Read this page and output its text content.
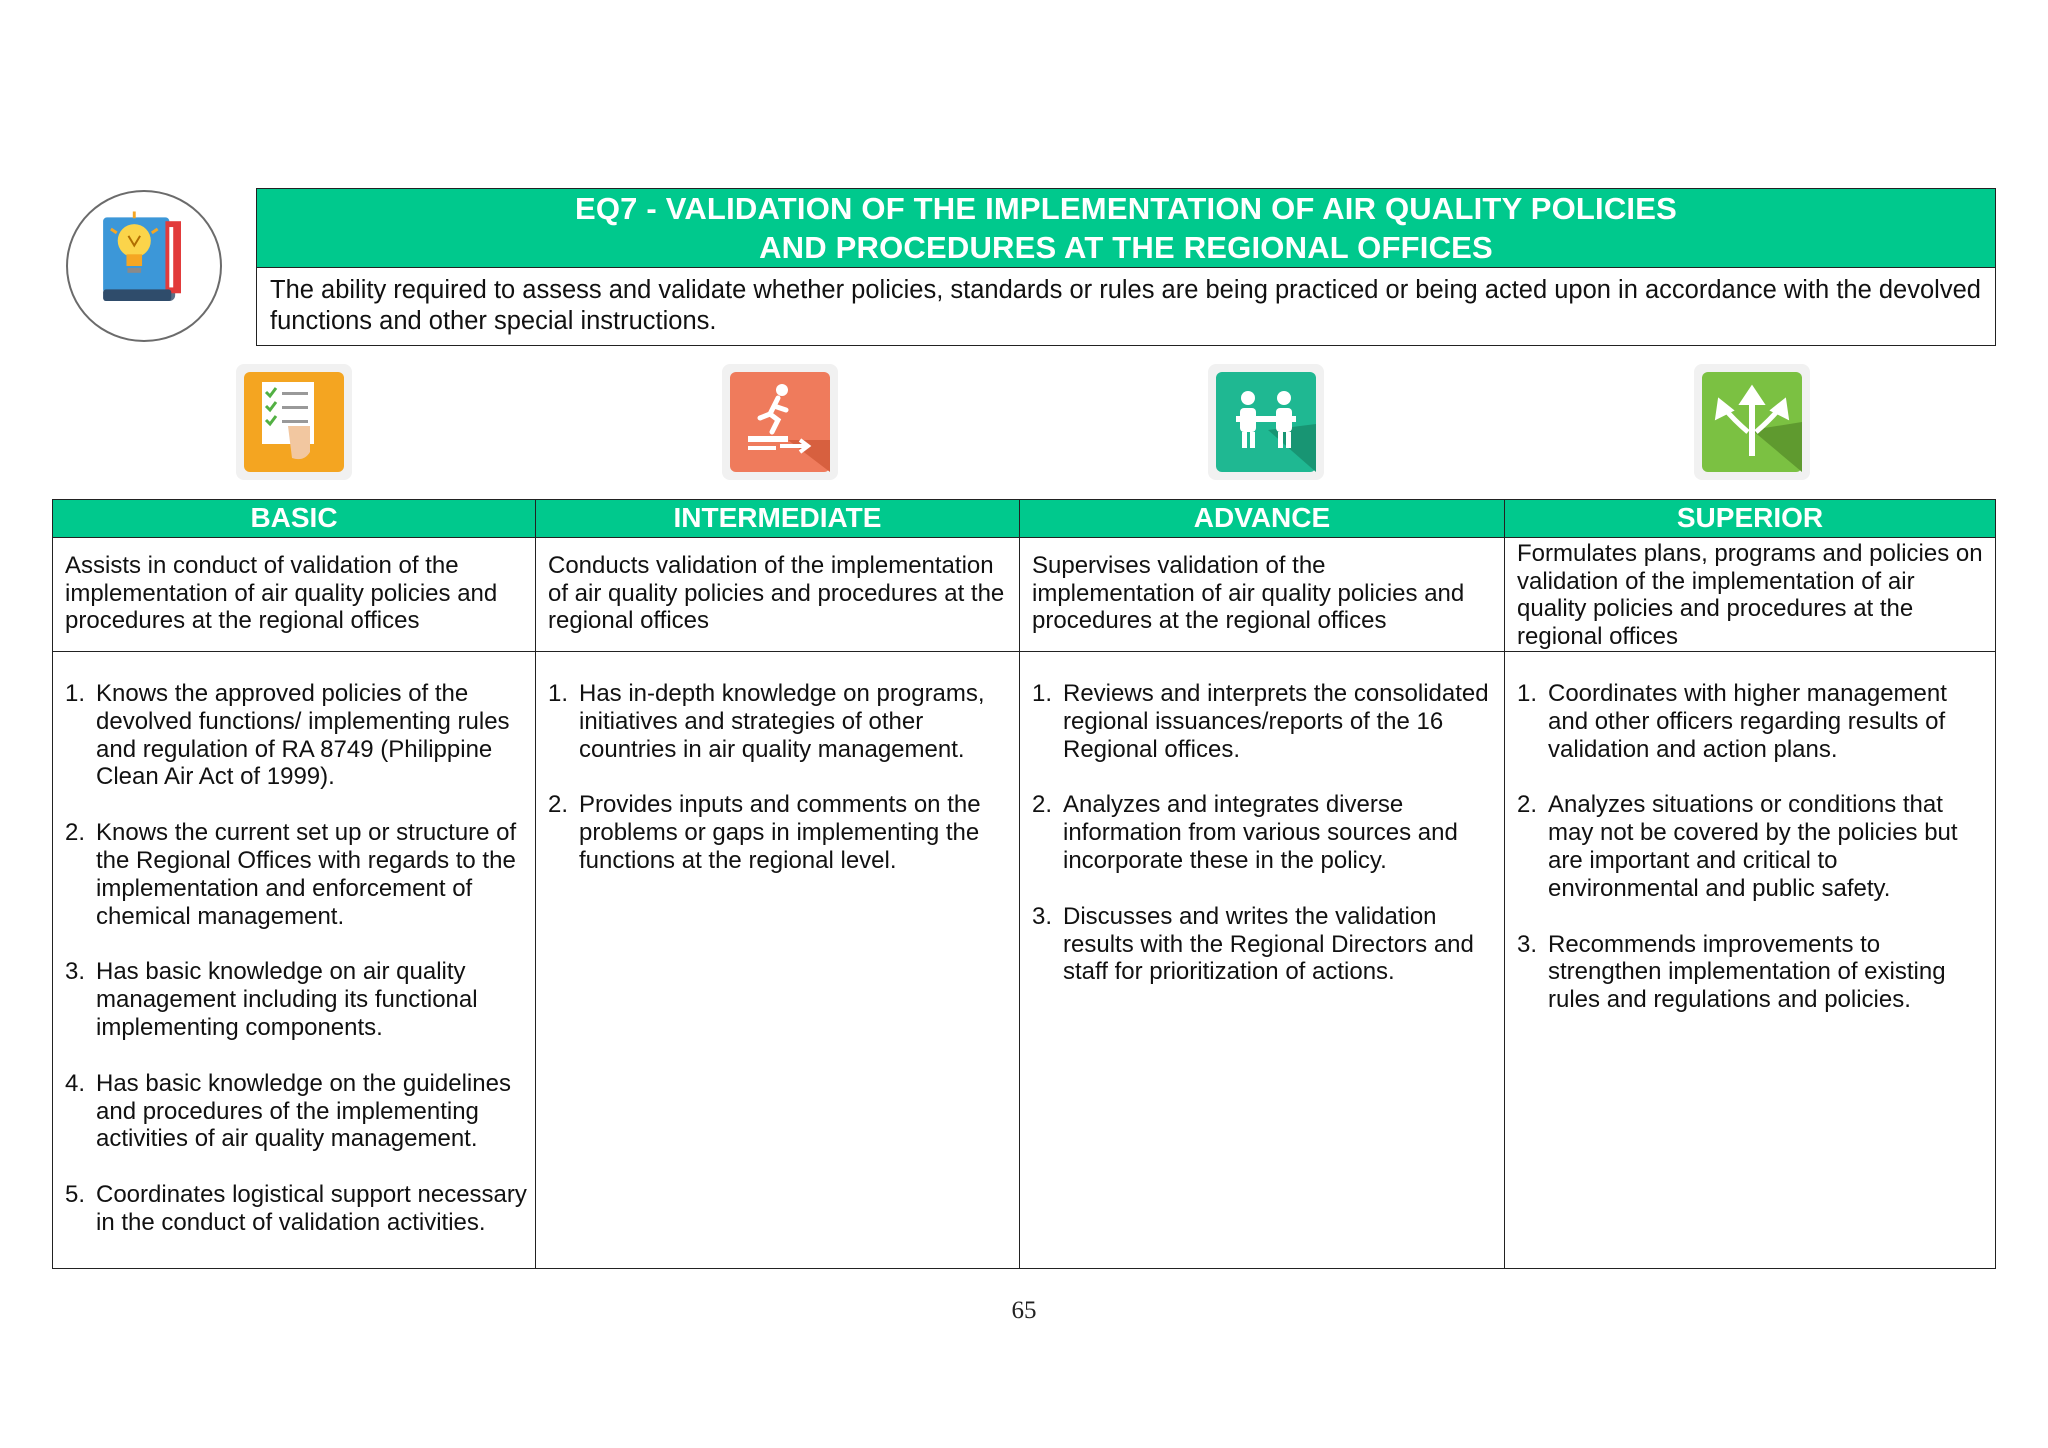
EQ7 - VALIDATION OF THE IMPLEMENTATION OF AIR QUALITY POLICIES
AND PROCEDURES AT THE REGIONAL OFFICES
The ability required to assess and validate whether policies, standards or rules are being practiced or being acted upon in accordance with the devolved functions and other special instructions.
BASIC	INTERMEDIATE	ADVANCE	SUPERIOR
Assists in conduct of validation of the implementation of air quality policies and procedures at the regional offices
Conducts validation of the implementation of air quality policies and procedures at the regional offices
Supervises validation of the implementation of air quality policies and procedures at the regional offices
Formulates plans, programs and policies on validation of the implementation of air quality policies and procedures at the regional offices
1. Knows the approved policies of the devolved functions/ implementing rules and regulation of RA 8749 (Philippine Clean Air Act of 1999).
2. Knows the current set up or structure of the Regional Offices with regards to the implementation and enforcement of chemical management.
3. Has basic knowledge on air quality management including its functional implementing components.
4. Has basic knowledge on the guidelines and procedures of the implementing activities of air quality management.
5. Coordinates logistical support necessary in the conduct of validation activities.
1. Has in-depth knowledge on programs, initiatives and strategies of other countries in air quality management.
2. Provides inputs and comments on the problems or gaps in implementing the functions at the regional level.
1. Reviews and interprets the consolidated regional issuances/reports of the 16 Regional offices.
2. Analyzes and integrates diverse information from various sources and incorporate these in the policy.
3. Discusses and writes the validation results with the Regional Directors and staff for prioritization of actions.
1. Coordinates with higher management and other officers regarding results of validation and action plans.
2. Analyzes situations or conditions that may not be covered by the policies but are important and critical to environmental and public safety.
3. Recommends improvements to strengthen implementation of existing rules and regulations and policies.
65
